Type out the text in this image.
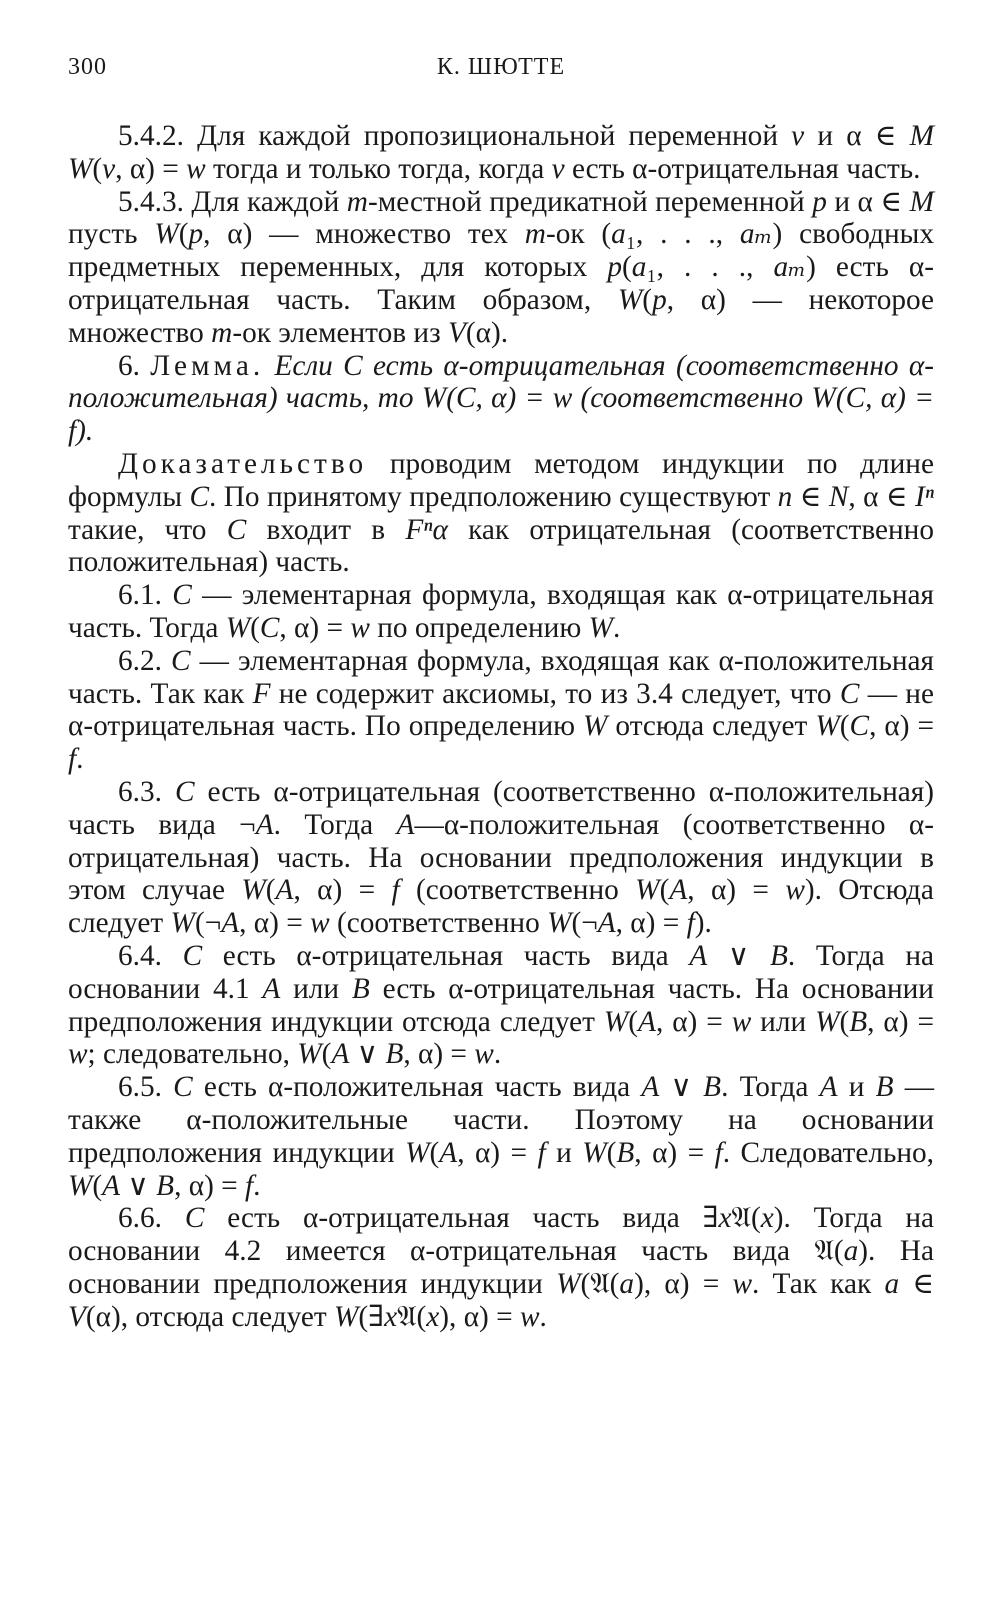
300	К. ШЮТТЕ

5.4.2. Для каждой пропозициональной переменной v и α ∈ M W(v, α) = w тогда и только тогда, когда v есть α-отрицательная часть.

5.4.3. Для каждой m-местной предикатной переменной p и α ∈ M пусть W(p, α) — множество тех m-ок (a₁, . . ., aₘ) свободных предметных переменных, для которых p(a₁, . . ., aₘ) есть α-отрицательная часть. Таким образом, W(p, α) — некоторое множество m-ок элементов из V(α).

6. Лемма. Если C есть α-отрицательная (соответственно α-положительная) часть, то W(C, α) = w (соответственно W(C, α) = f).

Доказательство проводим методом индукции по длине формулы C. По принятому предположению существуют n ∈ N, α ∈ Iⁿ такие, что C входит в Fⁿα как отрицательная (соответственно положительная) часть.

6.1. C — элементарная формула, входящая как α-отрицательная часть. Тогда W(C, α) = w по определению W.

6.2. C — элементарная формула, входящая как α-положительная часть. Так как F не содержит аксиомы, то из 3.4 следует, что C — не α-отрицательная часть. По определению W отсюда следует W(C, α) = f.

6.3. C есть α-отрицательная (соответственно α-положительная) часть вида ¬A. Тогда A—α-положительная (соответственно α-отрицательная) часть. На основании предположения индукции в этом случае W(A, α) = f (соответственно W(A, α) = w). Отсюда следует W(¬A, α) = w (соответственно W(¬A, α) = f).

6.4. C есть α-отрицательная часть вида A ∨ B. Тогда на основании 4.1 A или B есть α-отрицательная часть. На основании предположения индукции отсюда следует W(A, α) = w или W(B, α) = w; следовательно, W(A ∨ B, α) = w.

6.5. C есть α-положительная часть вида A ∨ B. Тогда A и B — также α-положительные части. Поэтому на основании предположения индукции W(A, α) = f и W(B, α) = f. Следовательно, W(A ∨ B, α) = f.

6.6. C есть α-отрицательная часть вида ∃x𝔄(x). Тогда на основании 4.2 имеется α-отрицательная часть вида 𝔄(a). На основании предположения индукции W(𝔄(a), α) = w. Так как a ∈ V(α), отсюда следует W(∃x𝔄(x), α) = w.
